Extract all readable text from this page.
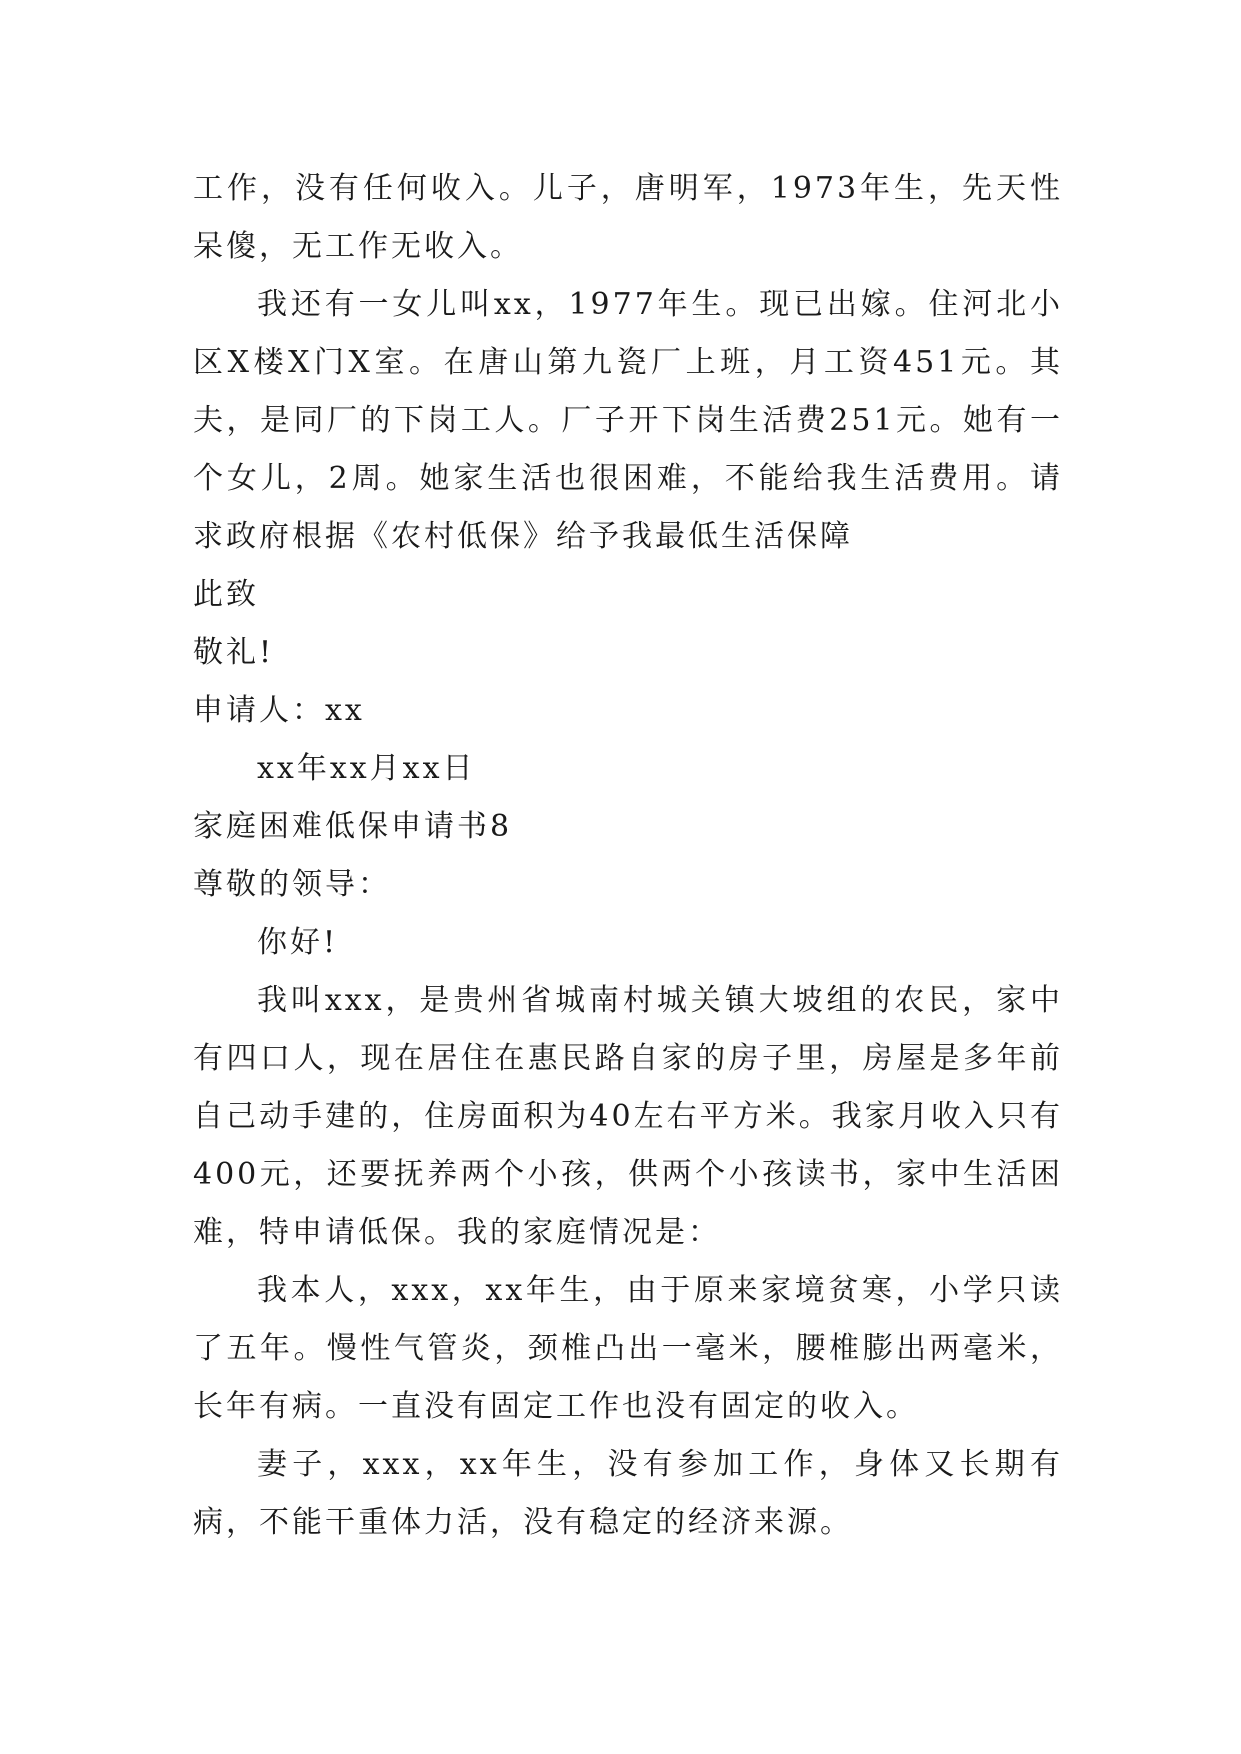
工作，没有任何收入。儿子，唐明军，1973年生，先天性呆傻，无工作无收入。

我还有一女儿叫xx，1977年生。现已出嫁。住河北小区X楼X门X室。在唐山第九瓷厂上班，月工资451元。其夫，是同厂的下岗工人。厂子开下岗生活费251元。她有一个女儿，2周。她家生活也很困难，不能给我生活费用。请求政府根据《农村低保》给予我最低生活保障

此致

敬礼!

申请人：xx

xx年xx月xx日

家庭困难低保申请书8

尊敬的领导：

你好!

我叫xxx，是贵州省城南村城关镇大坡组的农民，家中有四口人，现在居住在惠民路自家的房子里，房屋是多年前自己动手建的，住房面积为40左右平方米。我家月收入只有400元，还要抚养两个小孩，供两个小孩读书，家中生活困难，特申请低保。我的家庭情况是：

我本人，xxx，xx年生，由于原来家境贫寒，小学只读了五年。慢性气管炎，颈椎凸出一毫米，腰椎膨出两毫米，长年有病。一直没有固定工作也没有固定的收入。

妻子，xxx，xx年生，没有参加工作，身体又长期有病，不能干重体力活，没有稳定的经济来源。
